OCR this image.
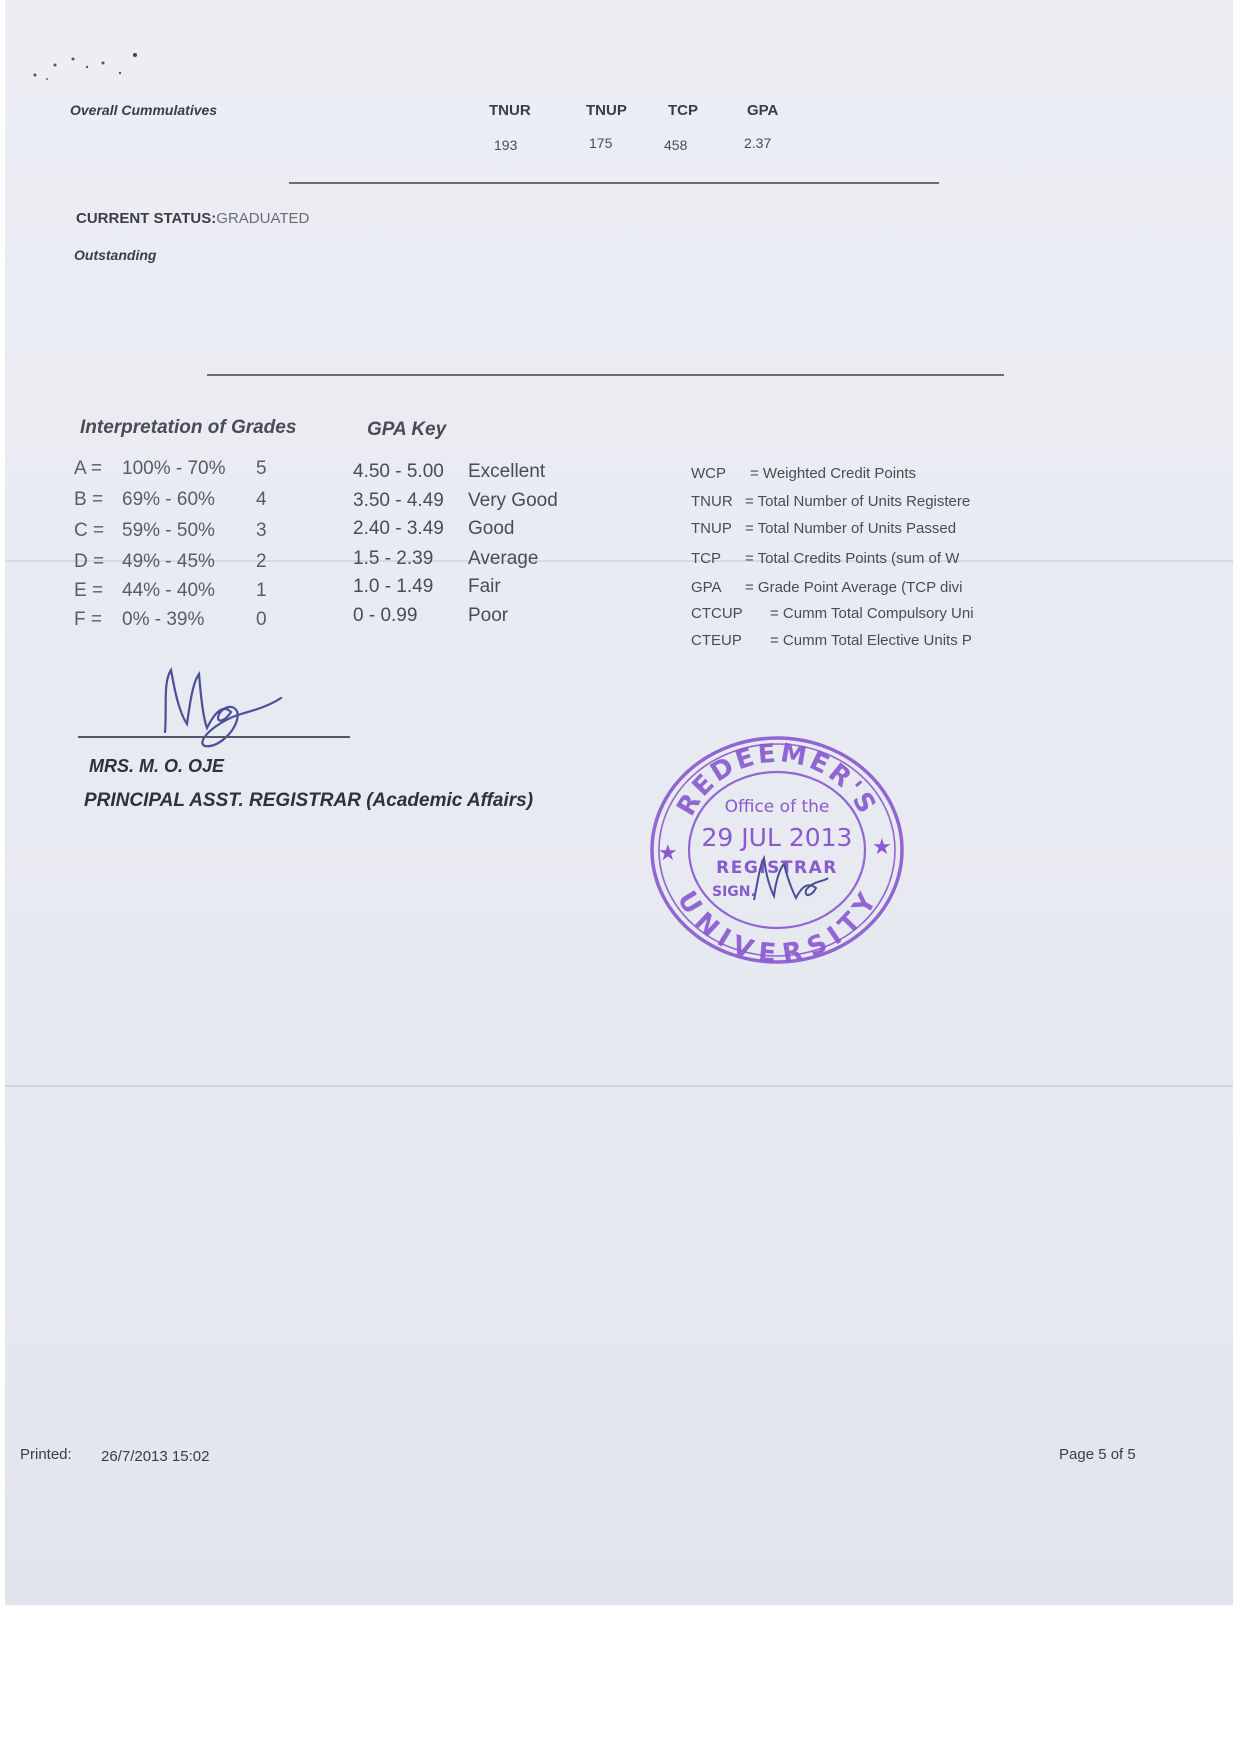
Overall Cummulatives	TNUR	TNUP	TCP	GPA
193	175	458	2.37
CURRENT STATUS:GRADUATED
Outstanding
Interpretation of Grades	GPA Key
A = 100% - 70% 5
B = 69% - 60% 4
C = 59% - 50% 3
D = 49% - 45% 2
E = 44% - 40% 1
F = 0% - 39%	0
4.50 - 5.00 Excellent
3.50 - 4.49 Very Good
2.40 - 3.49 Good
1.5 - 2.39 Average
1.0 - 1.49 Fair
0 - 0.99	Poor
WCP = Weighted Credit Points
TNUR = Total Number of Units Registere
TNUP = Total Number of Units Passed
TCP = Total Credits Points (sum of W
GPA = Grade Point Average (TCP divi
CTCUP = Cumm Total Compulsory Uni
CTEUP = Cumm Total Elective Units P
MRS. M. O. OJE
PRINCIPAL ASST. REGISTRAR (Academic Affairs)	REDEEMER'S
UNIVERSITY
★	★
Office of the
29 JUL 2013
REGISTRAR
SIGN.
Printed: 26/7/2013 15:02	Page 5 of 5
